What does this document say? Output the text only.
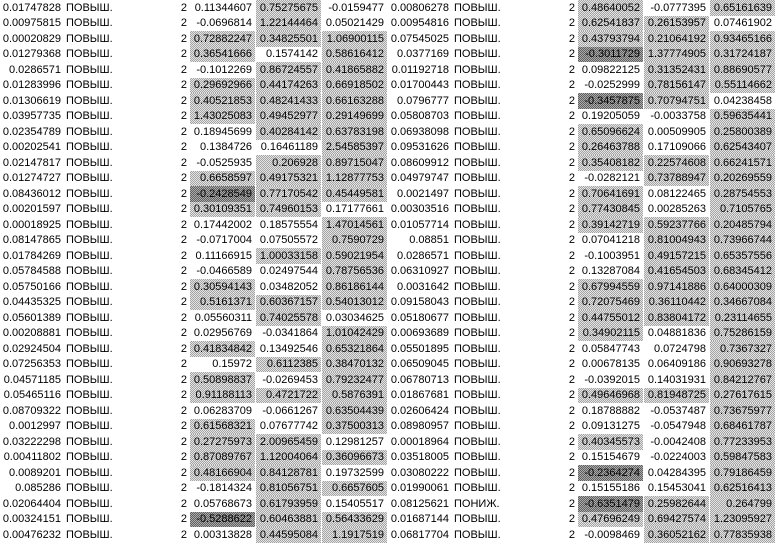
0.01747828 ПОВЫШ.	2 0.11344607 0.75275675 -0.0159477 0.00806278 ПОВЫШ.	2 0.48640052 -0.0777395 0.65161639
0.00975815 ПОВЫШ.	2 -0.0696814 1.22144464 0.05021429 0.00954816 ПОВЫШ.	2 0.62541837 0.26153957 0.07461902
0.00020829 ПОВЫШ.	2 0.72882247 0.34825501 1.06900115 0.07545025 ПОВЫШ.	2 0.43793794 0.21064192 0.93465166
0.01279368 ПОВЫШ.	2 0.36541666	0.1574142 0.58616412	0.0377169 ПОВЫШ.	2 -0.3011729 1.37774905 0.31724187
0.0286571 ПОВЫШ.	2 -0.1012269 0.86724557 0.41865882 0.01192718 ПОВЫШ.	2 0.09822125 0.31352431 0.88690577
0.01283996 ПОВЫШ.	2 0.29692966 0.44174263 0.66918502 0.01700443 ПОВЫШ.	2 -0.0252999 0.78156147 0.55114662
0.01306619 ПОВЫШ.	2 0.40521853 0.48241433 0.66163288	0.0796777 ПОВЫШ.	2 -0.3457875 0.70794751 0.04238458
0.03957735 ПОВЫШ.	2 1.43025083 0.49452977 0.29149699 0.05808703 ПОВЫШ.	2 0.19205059 -0.0033758 0.59635441
0.02354789 ПОВЫШ.	2 0.18945699 0.40284142 0.63783198 0.06938098 ПОВЫШ.	2 0.65096624 0.00509905 0.25800389
0.00202541 ПОВЫШ.	2	0.1384726 0.16461189 2.54585397 0.09531626 ПОВЫШ.	2 0.26463788 0.17109066 0.62543407
0.02147817 ПОВЫШ.	2 -0.0525935	0.206928 0.89715047 0.08609912 ПОВЫШ.	2 0.35408182 0.22574608 0.66241571
0.01274727 ПОВЫШ.	2	0.6658597 0.49175321 1.12877753 0.04979747 ПОВЫШ.	2 -0.0282121 0.73788947 0.20269559
0.08436012 ПОВЫШ.	2 -0.2428549 0.77170542 0.45449581	0.0021497 ПОВЫШ.	2 0.70641691 0.08122465 0.28754553
0.00201597 ПОВЫШ.	2 0.30109351 0.74960153 0.17177661 0.00303516 ПОВЫШ.	2 0.77430845 0.00285263	0.7105765
0.00018925 ПОВЫШ.	2 0.17442002 0.18575554 1.47014561 0.01057714 ПОВЫШ.	2 0.39142719 0.59237766 0.20485794
0.08147865 ПОВЫШ.	2 -0.0717004 0.07505572	0.7590729	0.08851 ПОВЫШ.	2 0.07041218 0.81004943 0.73966744
0.01784269 ПОВЫШ.	2 0.11166915 1.00033158 0.59021954	0.0286571 ПОВЫШ.	2 -0.1003951 0.49157215 0.65357556
0.05784588 ПОВЫШ.	2 -0.0466589 0.02497544 0.78756536 0.06310927 ПОВЫШ.	2 0.13287084 0.41654503 0.68345412
0.05750166 ПОВЫШ.	2 0.30594143 0.03482052 0.86186144	0.0031642 ПОВЫШ.	2 0.67994559 0.97141886 0.64000309
0.04435325 ПОВЫШ.	2	0.5161371 0.60367157 0.54013012 0.09158043 ПОВЫШ.	2 0.72075469 0.36110442 0.34667084
0.05601389 ПОВЫШ.	2 0.05560311 0.74025578 0.03034625 0.05180677 ПОВЫШ.	2 0.44755012 0.83804172 0.23114655
0.00208881 ПОВЫШ.	2 0.02956769 -0.0341864 1.01042429 0.00693689 ПОВЫШ.	2 0.34902115 0.04881836 0.75286159
0.02924504 ПОВЫШ.	2 0.41834842 0.13492546 0.65321864 0.05501895 ПОВЫШ.	2 0.05847743	0.0724798	0.7367327
0.07256353 ПОВЫШ.	2	0.15972	0.6112385 0.38470132 0.06509045 ПОВЫШ.	2 0.00678135 0.06409186 0.90693278
0.04571185 ПОВЫШ.	2 0.50898837 -0.0269453 0.79232477 0.06780713 ПОВЫШ.	2 -0.0392015 0.14031931 0.84212767
0.05465116 ПОВЫШ.	2 0.91188113	0.4721722	0.5876391 0.01867681 ПОВЫШ.	2 0.49646968 0.81948725 0.27617615
0.08709322 ПОВЫШ.	2 0.06283709 -0.0661267 0.63504439 0.02606424 ПОВЫШ.	2 0.18788882 -0.0537487 0.73675977
0.0012997 ПОВЫШ.	2 0.61568321 0.07677742 0.37500313 0.08980957 ПОВЫШ.	2 0.09131275 -0.0547948 0.68461787
0.03222298 ПОВЫШ.	2 0.27275973 2.00965459 0.12981257 0.00018964 ПОВЫШ.	2 0.40345573 -0.0042408 0.77233953
0.00411802 ПОВЫШ.	2 0.87089767 1.12004064 0.36096673 0.03518005 ПОВЫШ.	2 0.15154679 -0.0224003 0.59847583
0.0089201 ПОВЫШ.	2 0.48166904 0.84128781 0.19732599 0.03080222 ПОВЫШ.	2 -0.2364274 0.04284395 0.79186459
0.085286 ПОВЫШ.	2 -0.1814324 0.81056751	0.6657605 0.01990061 ПОВЫШ.	2 0.15155186 0.15453041 0.62516413
0.02064404 ПОВЫШ.	2 0.05768673 0.61793959 0.15405517 0.08125621 ПОНИЖ.	2 -0.6351479 0.25982644	0.264799
0.00324151 ПОВЫШ.	2 -0.5288622 0.60463881 0.56433629 0.01687144 ПОВЫШ.	2 0.47696249 0.69427574 1.23095927
0.00476232 ПОВЫШ.	2 0.00313828 0.44595084	1.1917519 0.06817704 ПОВЫШ.	2 -0.0098469 0.36052162 0.77835938
